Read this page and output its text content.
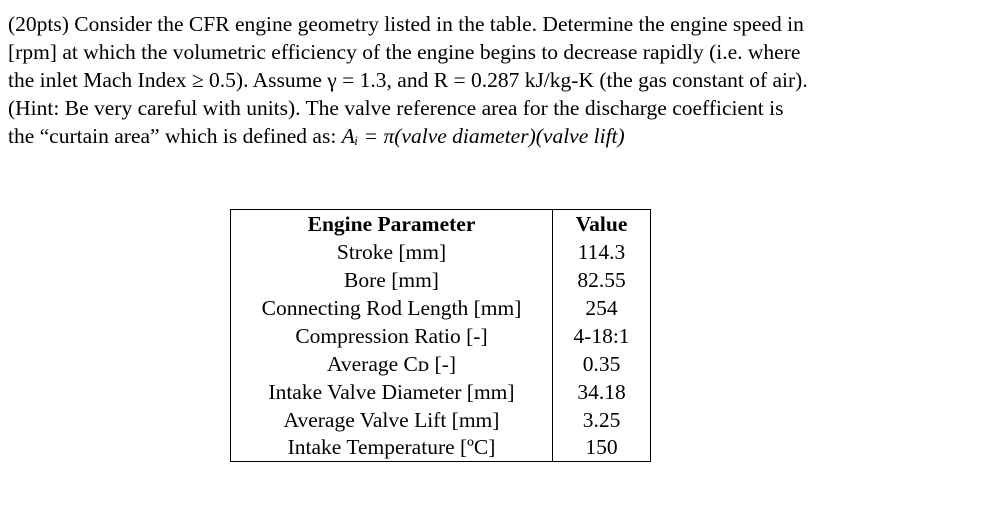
(20pts) Consider the CFR engine geometry listed in the table. Determine the engine speed in
[rpm] at which the volumetric efficiency of the engine begins to decrease rapidly (i.e. where
the inlet Mach Index ≥ 0.5). Assume γ = 1.3, and R = 0.287 kJ/kg-K (the gas constant of air).
(Hint: Be very careful with units). The valve reference area for the discharge coefficient is
the “curtain area” which is defined as: Aᵢ = π(valve diameter)(valve lift)
Engine Parameter	Value
Stroke [mm]	114.3
Bore [mm]	82.55
Connecting Rod Length [mm]	254
Compression Ratio [-]	4-18:1
Average Cᴅ [-]	0.35
Intake Valve Diameter [mm]	34.18
Average Valve Lift [mm]	3.25
Intake Temperature [ºC]	150
